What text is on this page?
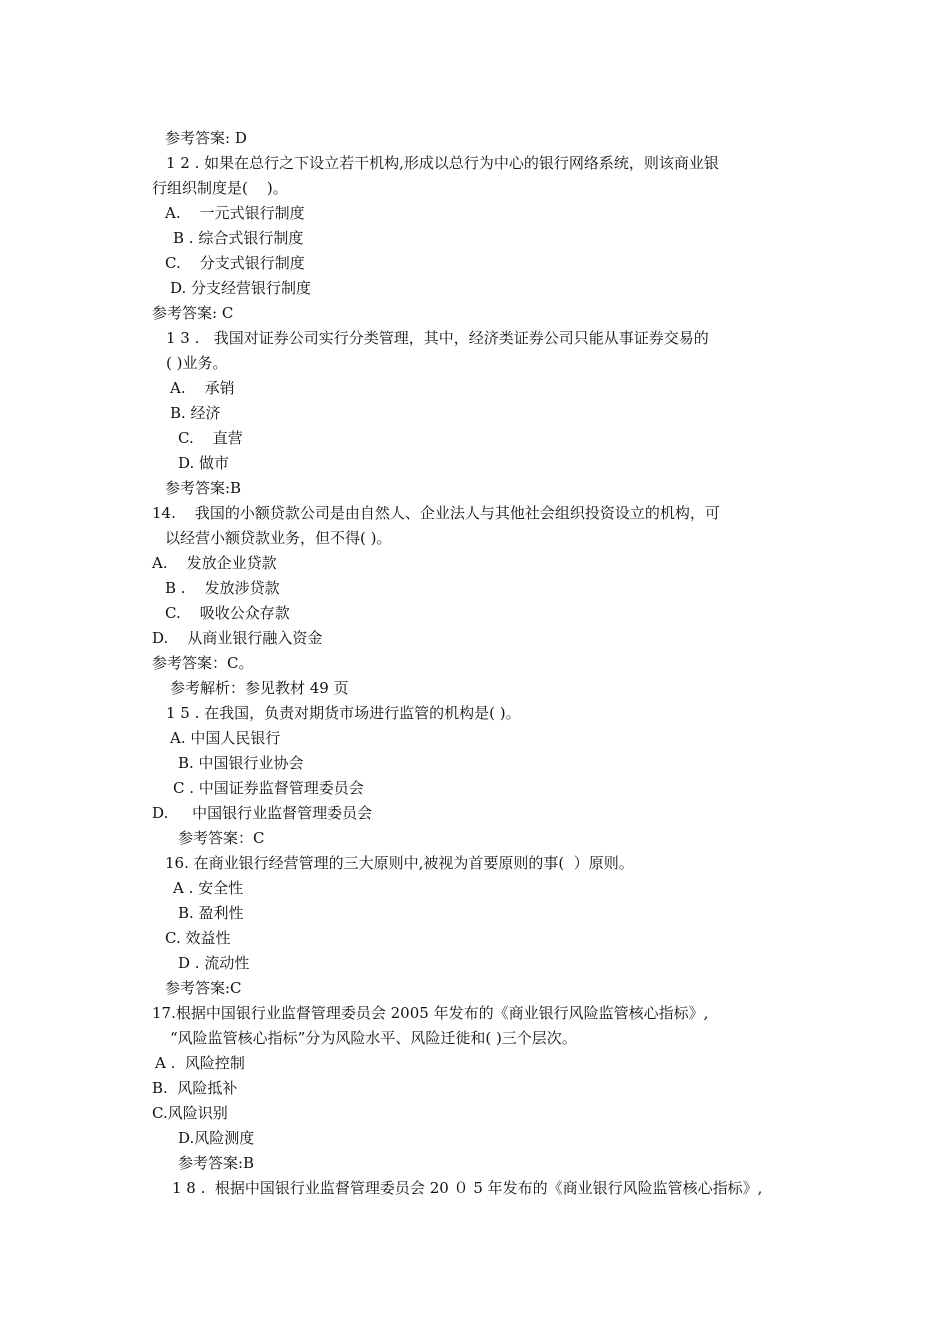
参考答案: D
1 2 . 如果在总行之下设立若干机构,形成以总行为中心的银行网络系统，则该商业银
行组织制度是(    )。
A.    一元式银行制度
B . 综合式银行制度
C.    分支式银行制度
D. 分支经营银行制度
参考答案: C
1 3 .   我国对证券公司实行分类管理，其中，经济类证券公司只能从事证券交易的
( )业务。
A.    承销
B. 经济
C.    直营
D. 做市
参考答案:B
14.    我国的小额贷款公司是由自然人、企业法人与其他社会组织投资设立的机构，可
以经营小额贷款业务，但不得( )。
A.    发放企业贷款
B .    发放涉贷款
C.    吸收公众存款
D.    从商业银行融入资金
参考答案：C。
参考解析：参见教材 49 页
1 5 . 在我国，负责对期货市场进行监管的机构是( )。
A. 中国人民银行
B. 中国银行业协会
C . 中国证券监督管理委员会
D.     中国银行业监督管理委员会
参考答案：C
16. 在商业银行经营管理的三大原则中,被视为首要原则的事(  ）原则。
A . 安全性
B. 盈利性
C. 效益性
D . 流动性
参考答案:C
17.根据中国银行业监督管理委员会 2005 年发布的《商业银行风险监管核心指标》,
“风险监管核心指标”分为风险水平、风险迁徙和( )三个层次。
A .  风险控制
B.  风险抵补
C.风险识别
D.风险测度
参考答案:B
1 8 .  根据中国银行业监督管理委员会 20 ０ 5 年发布的《商业银行风险监管核心指标》,
